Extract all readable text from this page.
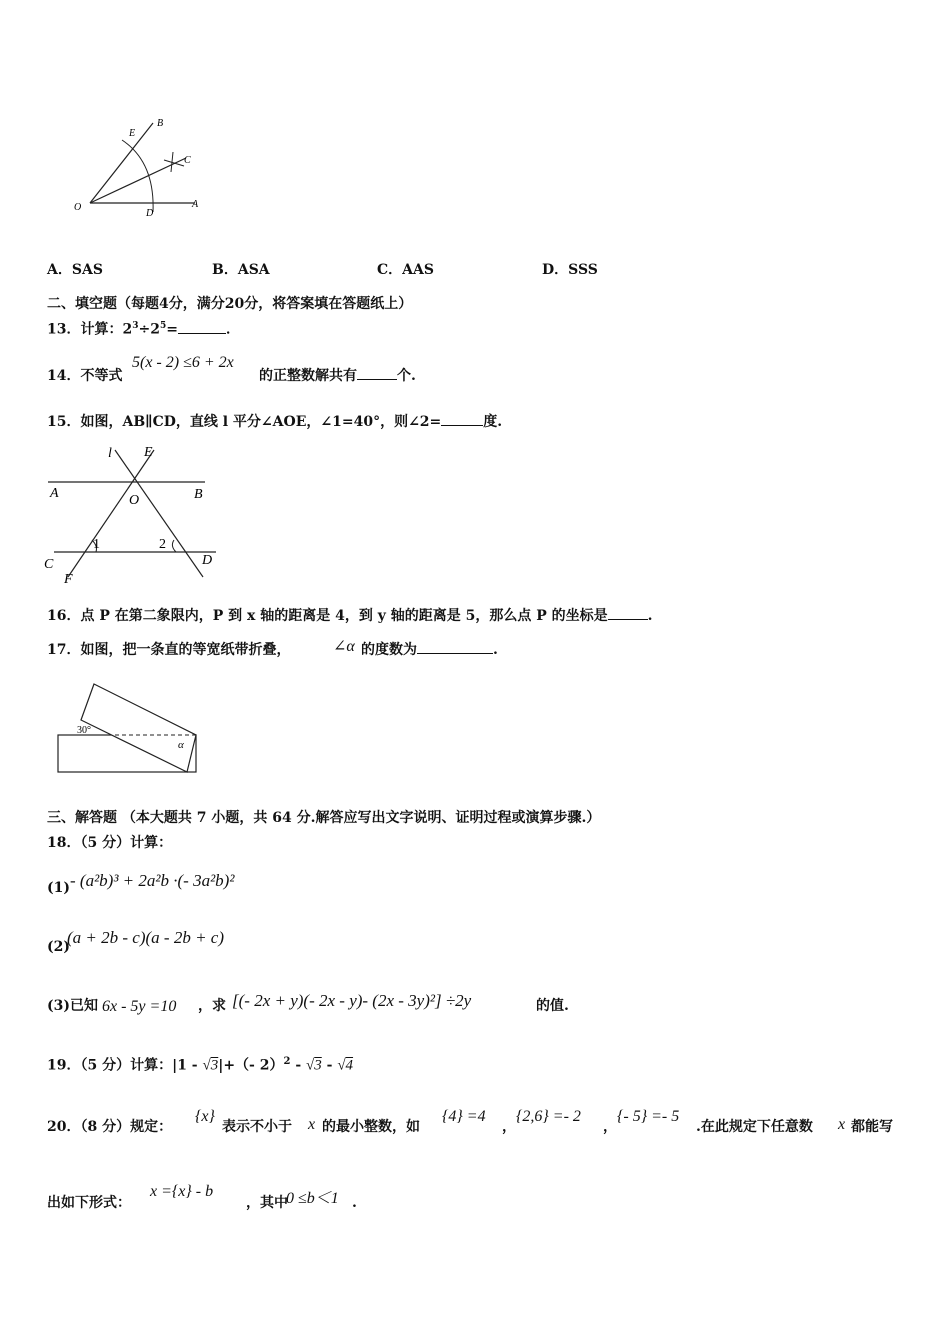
O	A
B
C
D
E
A．SAS	B．ASA	C．AAS	D．SSS
二、填空题（每题4分，满分20分，将答案填在答题纸上）
13．计算：$2^3\div 2^5=$	．
14．不等式
5(x - 2) ≤6 + 2x
的正整数解共有	个.
15．如图，AB∥CD，直线 l 平分∠AOE，∠1=40°，则∠2=	度.
l E
A	O	B
C
1	2
D
F
16．点 P 在第二象限内，P 到 x 轴的距离是 4，到 y 轴的距离是 5，那么点 P 的坐标是	.
17．如图，把一条直的等宽纸带折叠，	∠α 的度数为	.
30°
α
三、解答题 （本大题共 7 小题，共 64 分.解答应写出文字说明、证明过程或演算步骤.）
18．（5 分）计算：
(1) - (a²b)³ + 2a²b ·(- 3a²b)²
(2)
(a + 2b - c)(a - 2b + c)
(3)已知 6x - 5y =10 ，求 [(- 2x + y)(- 2x - y)- (2x - 3y)²] ÷2y	的值.
19．（5 分）计算：|1 - √3|+（- 2）$^2$ - √3 - √4
20．（8 分）规定：
{x}
表示不小于 x 的最小整数，如
{4} =4
，
{2,6} =- 2
，
{- 5} =- 5
.在此规定下任意数 x 都能写
出如下形式：
x ={x} - b
，其中
0 ≤b＜1 .
